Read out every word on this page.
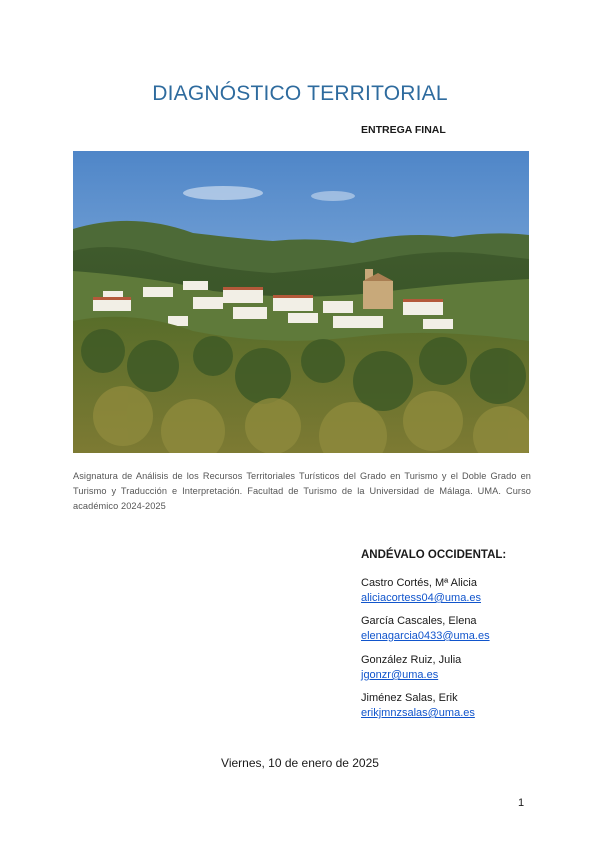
DIAGNÓSTICO TERRITORIAL
ENTREGA FINAL
Asignatura de Análisis de los Recursos Territoriales Turísticos del Grado en Turismo y el Doble Grado en Turismo y Traducción e Interpretación. Facultad de Turismo de la Universidad de Málaga. UMA. Curso académico 2024-2025
ANDÉVALO OCCIDENTAL:
Castro Cortés, Mª Alicia
aliciacortess04@uma.es
García Cascales, Elena
elenagarcia0433@uma.es
González Ruiz, Julia
jgonzr@uma.es
Jiménez Salas, Erik
erikjmnzsalas@uma.es
Viernes, 10 de enero de 2025
1
